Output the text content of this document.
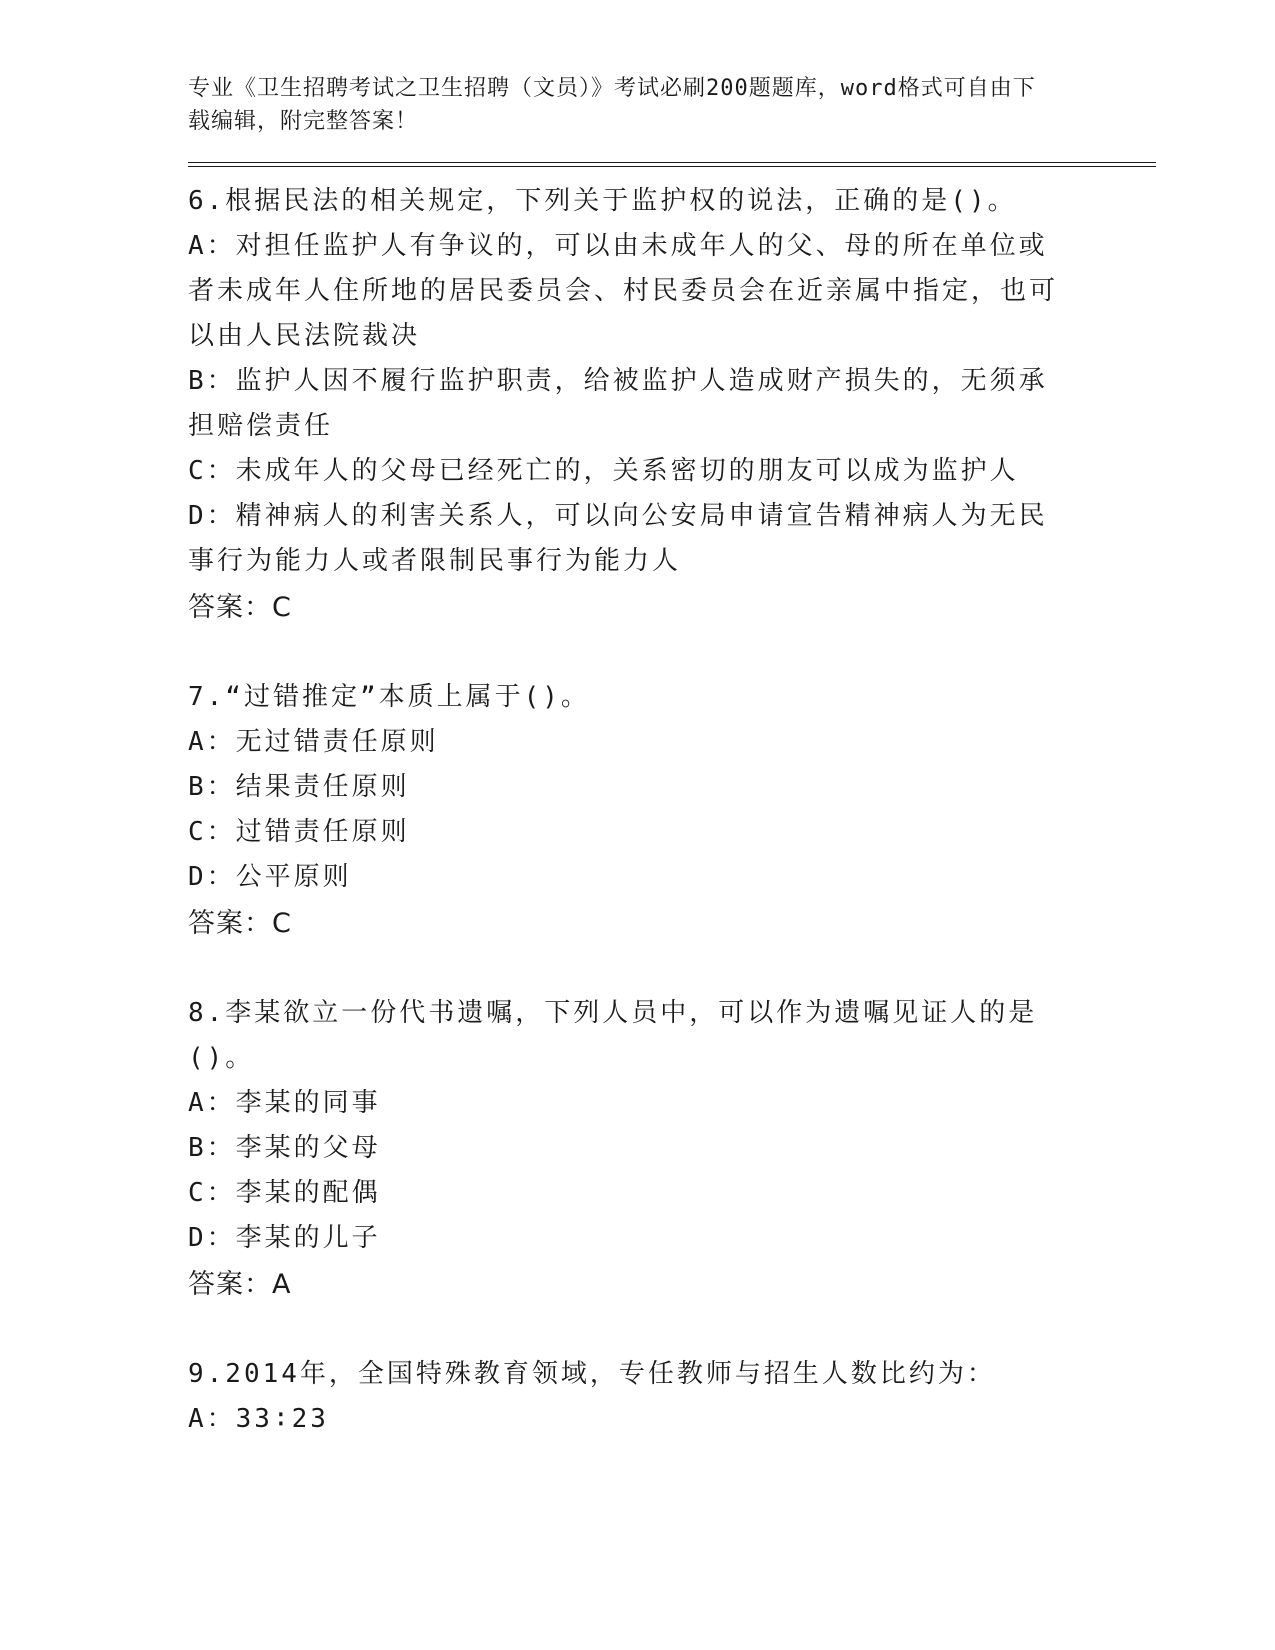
专业《卫生招聘考试之卫生招聘（文员）》考试必刷200题题库，word格式可自由下载编辑，附完整答案！
6.根据民法的相关规定，下列关于监护权的说法，正确的是()。
A：对担任监护人有争议的，可以由未成年人的父、母的所在单位或者未成年人住所地的居民委员会、村民委员会在近亲属中指定，也可以由人民法院裁决
B：监护人因不履行监护职责，给被监护人造成财产损失的，无须承担赔偿责任
C：未成年人的父母已经死亡的，关系密切的朋友可以成为监护人
D：精神病人的利害关系人，可以向公安局申请宣告精神病人为无民事行为能力人或者限制民事行为能力人
答案：C
7.“过错推定”本质上属于()。
A：无过错责任原则
B：结果责任原则
C：过错责任原则
D：公平原则
答案：C
8.李某欲立一份代书遗嘱，下列人员中，可以作为遗嘱见证人的是()。
A：李某的同事
B：李某的父母
C：李某的配偶
D：李某的儿子
答案：A
9.2014年，全国特殊教育领域，专任教师与招生人数比约为：
A：33∶23
